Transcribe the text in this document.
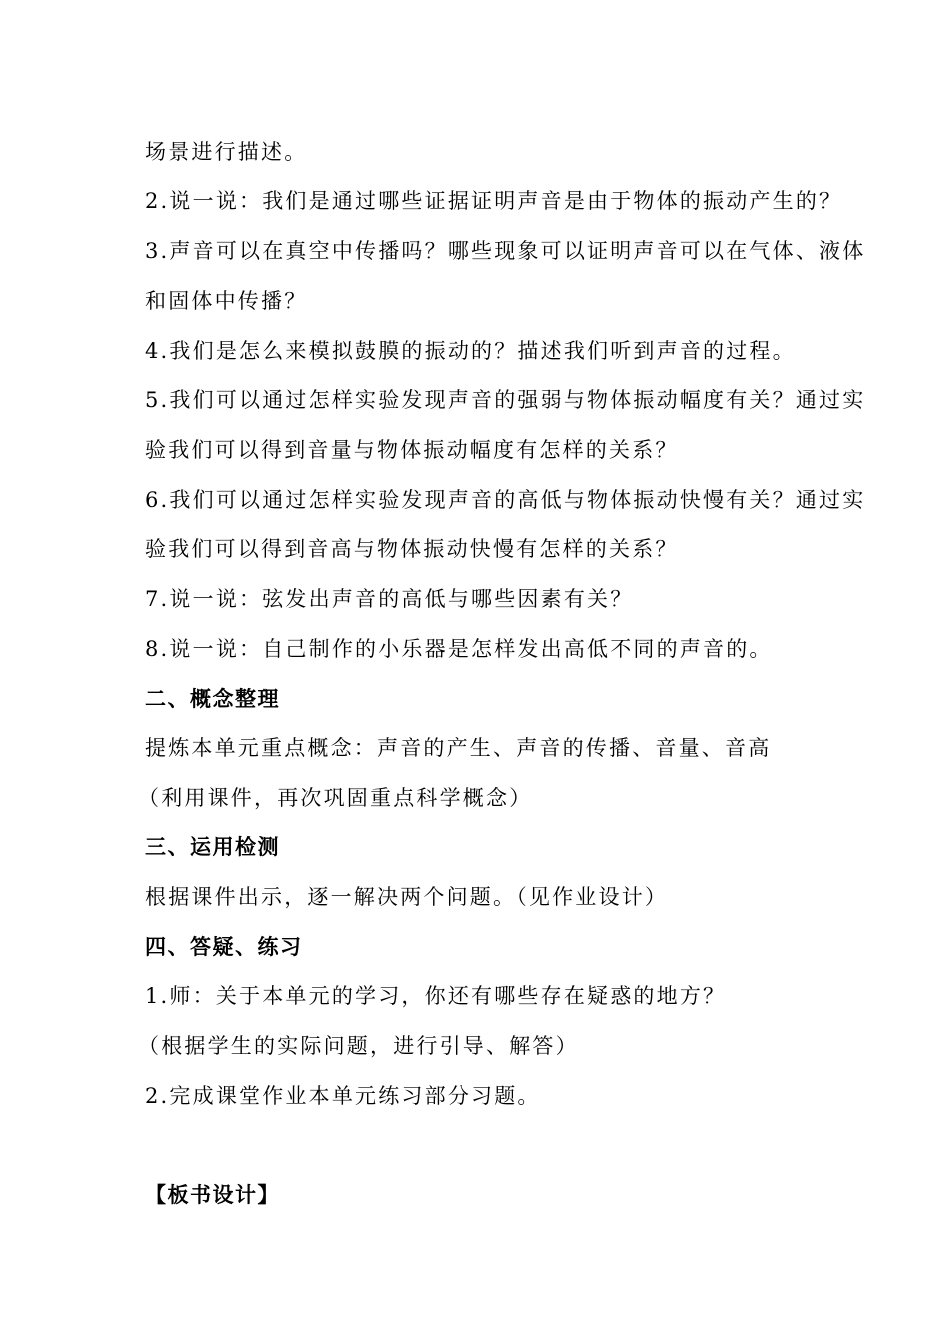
场景进行描述。
2.说一说：我们是通过哪些证据证明声音是由于物体的振动产生的？
3.声音可以在真空中传播吗？哪些现象可以证明声音可以在气体、液体
和固体中传播？
4.我们是怎么来模拟鼓膜的振动的？描述我们听到声音的过程。
5.我们可以通过怎样实验发现声音的强弱与物体振动幅度有关？通过实
验我们可以得到音量与物体振动幅度有怎样的关系？
6.我们可以通过怎样实验发现声音的高低与物体振动快慢有关？通过实
验我们可以得到音高与物体振动快慢有怎样的关系？
7.说一说：弦发出声音的高低与哪些因素有关？
8.说一说：自己制作的小乐器是怎样发出高低不同的声音的。
二、概念整理
提炼本单元重点概念：声音的产生、声音的传播、音量、音高
（利用课件，再次巩固重点科学概念）
三、运用检测
根据课件出示，逐一解决两个问题。（见作业设计）
四、答疑、练习
1.师：关于本单元的学习，你还有哪些存在疑惑的地方？
（根据学生的实际问题，进行引导、解答）
2.完成课堂作业本单元练习部分习题。
【板书设计】
